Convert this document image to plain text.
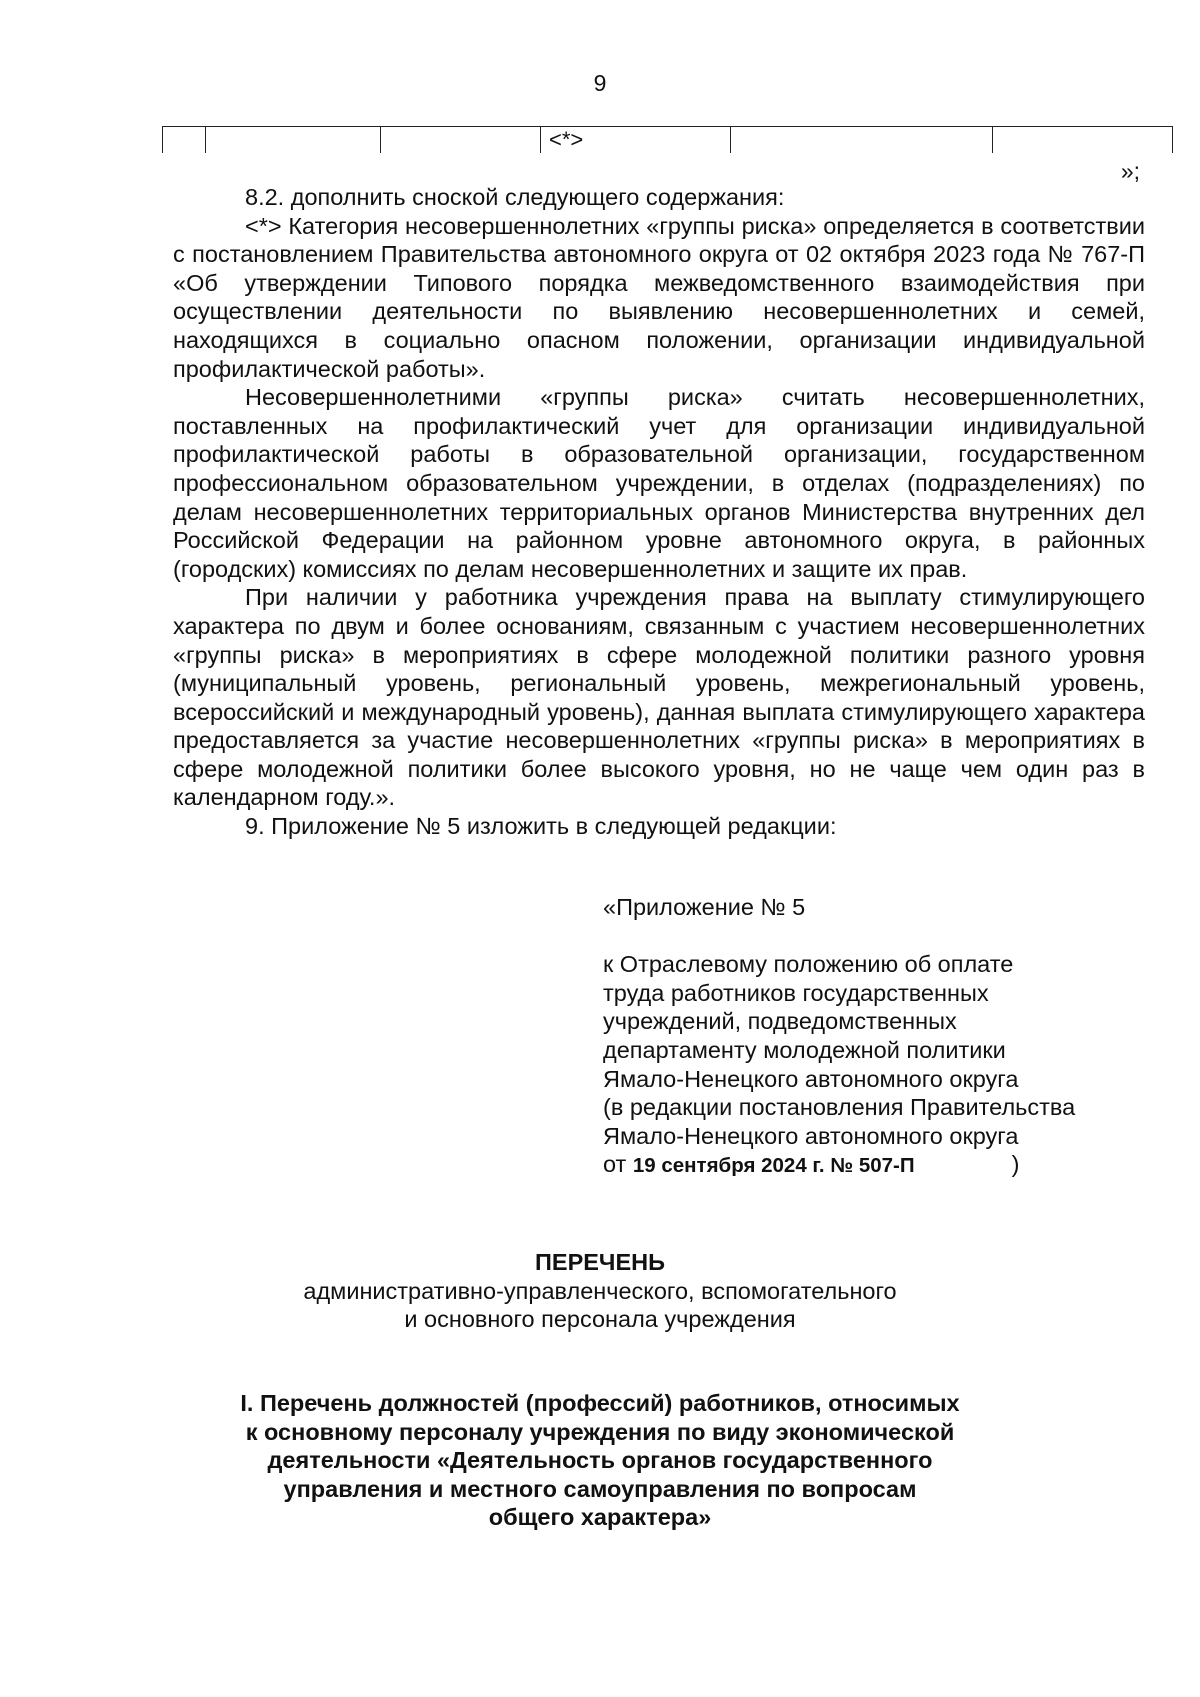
9
			<*>		
»;

8.2. дополнить сноской следующего содержания:

<*> Категория несовершеннолетних «группы риска» определяется в соответствии с постановлением Правительства автономного округа от 02 октября 2023 года № 767-П «Об утверждении Типового порядка межведомственного взаимодействия при осуществлении деятельности по выявлению несовершеннолетних и семей, находящихся в социально опасном положении, организации индивидуальной профилактической работы».

Несовершеннолетними «группы риска» считать несовершеннолетних, поставленных на профилактический учет для организации индивидуальной профилактической работы в образовательной организации, государственном профессиональном образовательном учреждении, в отделах (подразделениях) по делам несовершеннолетних территориальных органов Министерства внутренних дел Российской Федерации на районном уровне автономного округа, в районных (городских) комиссиях по делам несовершеннолетних и защите их прав.

При наличии у работника учреждения права на выплату стимулирующего характера по двум и более основаниям, связанным с участием несовершеннолетних «группы риска» в мероприятиях в сфере молодежной политики разного уровня (муниципальный уровень, региональный уровень, межрегиональный уровень, всероссийский и международный уровень), данная выплата стимулирующего характера предоставляется за участие несовершеннолетних «группы риска» в мероприятиях в сфере молодежной политики более высокого уровня, но не чаще чем один раз в календарном году.».

9. Приложение № 5 изложить в следующей редакции:

«Приложение № 5
к Отраслевому положению об оплате
труда работников государственных
учреждений, подведомственных
департаменту молодежной политики
Ямало-Ненецкого автономного округа
(в редакции постановления Правительства
Ямало-Ненецкого автономного округа
от 19 сентября 2024 г. № 507-П	)
ПЕРЕЧЕНЬ
административно-управленческого, вспомогательного
и основного персонала учреждения
I. Перечень должностей (профессий) работников, относимых
к основному персоналу учреждения по виду экономической
деятельности «Деятельность органов государственного
управления и местного самоуправления по вопросам
общего характера»
